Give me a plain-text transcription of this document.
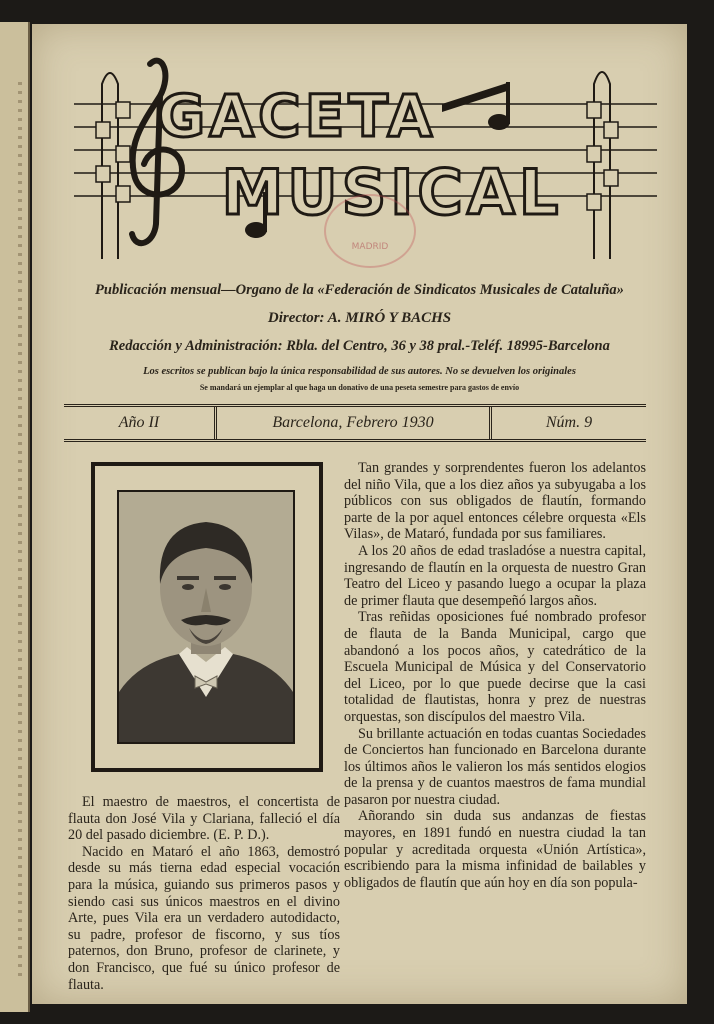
GACETA
MUSICAL
MADRID
Publicación mensual—Organo de la «Federación de Sindicatos Musicales de Cataluña»
Director: A. MIRÓ Y BACHS
Redacción y Administración: Rbla. del Centro, 36 y 38 pral.-Teléf. 18995-Barcelona
Los escritos se publican bajo la única responsabilidad de sus autores. No se devuelven los originales
Se mandará un ejemplar al que haga un donativo de una peseta semestre para gastos de envío
Año II	Barcelona, Febrero 1930	Núm. 9

El maestro de maestros, el concertista de flauta don José Vila y Clariana, falleció el día 20 del pasado diciembre. (E. P. D.).

Nacido en Mataró el año 1863, demostró desde su más tierna edad especial vocación para la música, guiando sus primeros pasos y siendo casi sus únicos maestros en el divino Arte, pues Vila era un verdadero autodidacto, su padre, profesor de fiscorno, y sus tíos paternos, don Bruno, profesor de clarinete, y don Francisco, que fué su único profesor de flauta.

Tan grandes y sorprendentes fueron los adelantos del niño Vila, que a los diez años ya subyugaba a los públicos con sus obligados de flautín, formando parte de la por aquel entonces célebre orquesta «Els Vilas», de Mataró, fundada por sus familiares.

A los 20 años de edad trasladóse a nuestra capital, ingresando de flautín en la orquesta de nuestro Gran Teatro del Liceo y pasando luego a ocupar la plaza de primer flauta que desempeñó largos años.

Tras reñidas oposiciones fué nombrado profesor de flauta de la Banda Municipal, cargo que abandonó a los pocos años, y catedrático de la Escuela Municipal de Música y del Conservatorio del Liceo, por lo que puede decirse que la casi totalidad de flautistas, honra y prez de nuestras orquestas, son discípulos del maestro Vila.

Su brillante actuación en todas cuantas Sociedades de Conciertos han funcionado en Barcelona durante los últimos años le valieron los más sentidos elogios de la prensa y de cuantos maestros de fama mundial pasaron por nuestra ciudad.

Añorando sin duda sus andanzas de fiestas mayores, en 1891 fundó en nuestra ciudad la tan popular y acreditada orquesta «Unión Artística», escribiendo para la misma infinidad de bailables y obligados de flautín que aún hoy en día son popula-
